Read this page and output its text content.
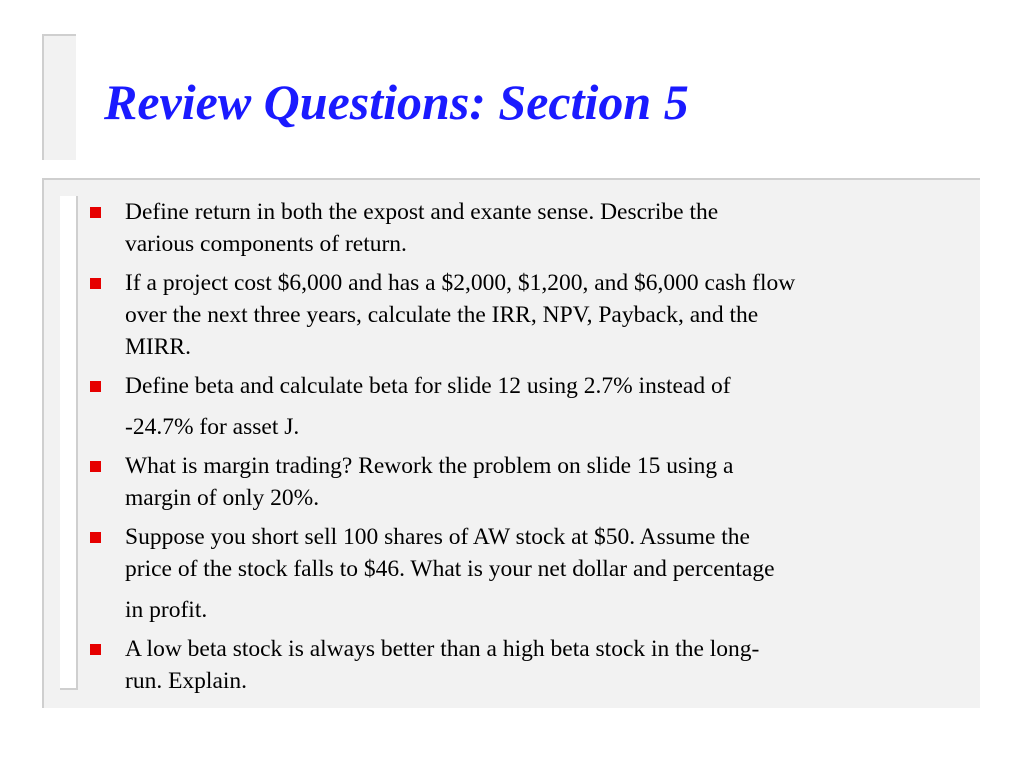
Review Questions: Section 5
Define return in both the expost and exante sense. Describe the
various components of return.
If a project cost $6,000 and has a $2,000, $1,200, and $6,000 cash flow
over the next three years, calculate the IRR, NPV, Payback, and the
MIRR.
Define beta and calculate beta for slide 12 using 2.7% instead of
-24.7% for asset J.
What is margin trading? Rework the problem on slide 15 using a
margin of only 20%.
Suppose you short sell 100 shares of AW stock at $50. Assume the
price of the stock falls to $46. What is your net dollar and percentage
in profit.
A low beta stock is always better than a high beta stock in the long-
run. Explain.
